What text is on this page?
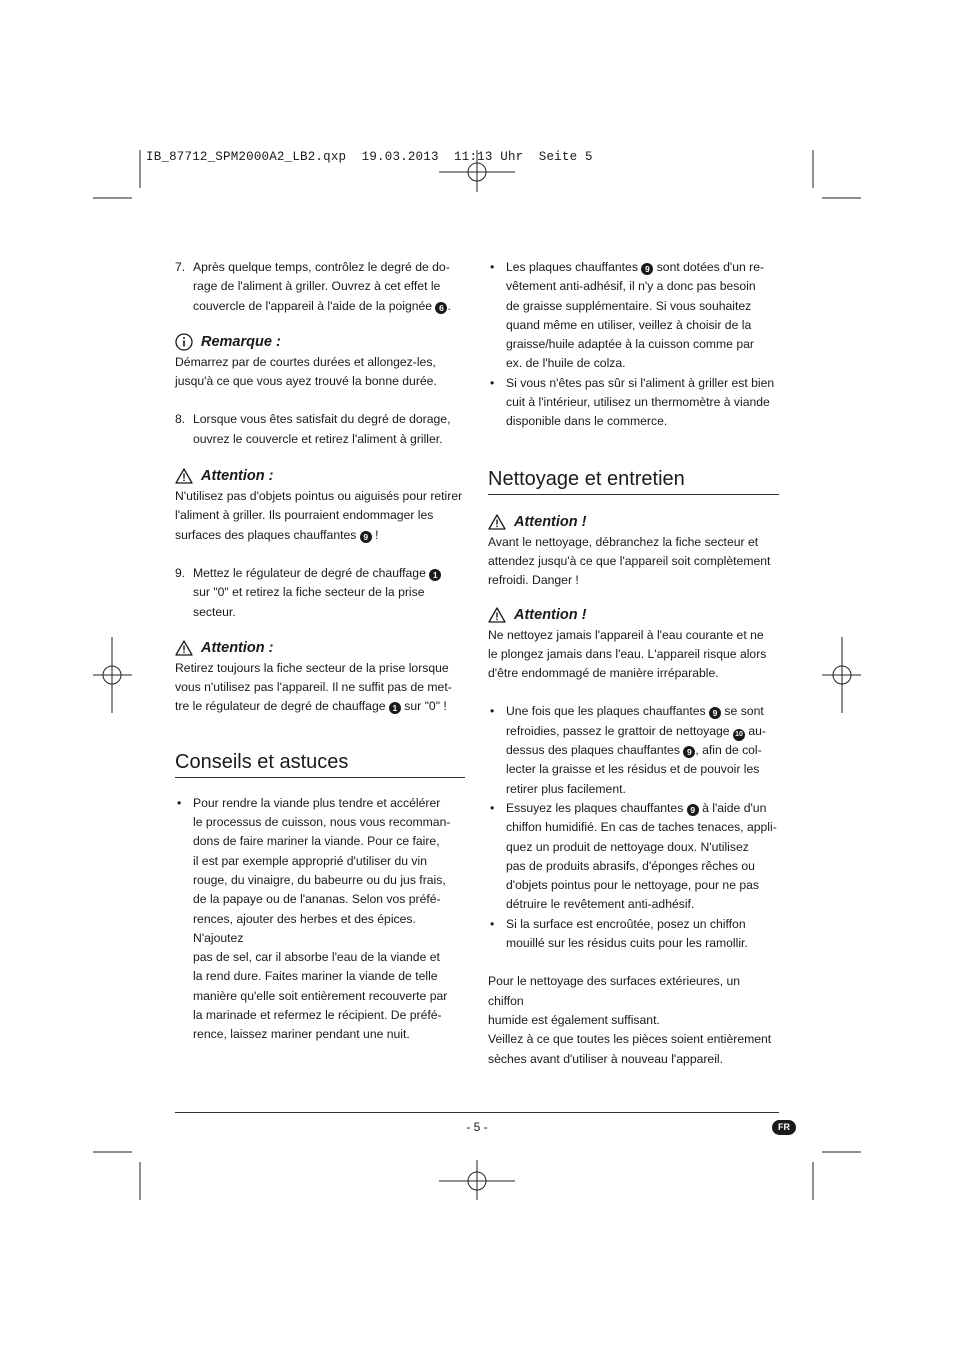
IB_87712_SPM2000A2_LB2.qxp  19.03.2013  11:13 Uhr  Seite 5
7. Après quelque temps, contrôlez le degré de do-

rage de l'aliment à griller. Ouvrez à cet effet le

couvercle de l'appareil à l'aide de la poignée 6 .

Remarque :

Démarrez par de courtes durées et allongez-les,

jusqu'à ce que vous ayez trouvé la bonne durée.

8. Lorsque vous êtes satisfait du degré de dorage,

ouvrez le couvercle et retirez l'aliment à griller.

Attention :

N'utilisez pas d'objets pointus ou aiguisés pour retirer

l'aliment à griller. Ils pourraient endommager les

surfaces des plaques chauffantes 9 !

9. Mettez le régulateur de degré de chauffage 1

sur "0" et retirez la fiche secteur de la prise

secteur.

Attention :

Retirez toujours la fiche secteur de la prise lorsque

vous n'utilisez pas l'appareil. Il ne suffit pas de met-

tre le régulateur de degré de chauffage 1 sur "0" !

Conseils et astuces

• Pour rendre la viande plus tendre et accélérer

le processus de cuisson, nous vous recomman-

dons de faire mariner la viande. Pour ce faire,

il est par exemple approprié d'utiliser du vin

rouge, du vinaigre, du babeurre ou du jus frais,

de la papaye ou de l'ananas. Selon vos préfé-

rences, ajouter des herbes et des épices. N'ajoutez

pas de sel, car il absorbe l'eau de la viande et

la rend dure. Faites mariner la viande de telle

manière qu'elle soit entièrement recouverte par

la marinade et refermez le récipient. De préfé-

rence, laissez mariner pendant une nuit.

• Les plaques chauffantes 9 sont dotées d'un re-

vêtement anti-adhésif, il n'y a donc pas besoin

de graisse supplémentaire. Si vous souhaitez

quand même en utiliser, veillez à choisir de la

graisse/huile adaptée à la cuisson comme par

ex. de l'huile de colza.

• Si vous n'êtes pas sûr si l'aliment à griller est bien

cuit à l'intérieur, utilisez un thermomètre à viande

disponible dans le commerce.

Nettoyage et entretien
Attention !

Avant le nettoyage, débranchez la fiche secteur et

attendez jusqu'à ce que l'appareil soit complètement

refroidi. Danger !

Attention !

Ne nettoyez jamais l'appareil à l'eau courante et ne

le plongez jamais dans l'eau. L'appareil risque alors

d'être endommagé de manière irréparable.

• Une fois que les plaques chauffantes 9 se sont

refroidies, passez le grattoir de nettoyage 10 au-

dessus des plaques chauffantes 9 , afin de col-

lecter la graisse et les résidus et de pouvoir les

retirer plus facilement.

• Essuyez les plaques chauffantes 9 à l'aide d'un

chiffon humidifié. En cas de taches tenaces, appli-

quez un produit de nettoyage doux. N'utilisez

pas de produits abrasifs, d'éponges rêches ou

d'objets pointus pour le nettoyage, pour ne pas

détruire le revêtement anti-adhésif.

• Si la surface est encroûtée, posez un chiffon

mouillé sur les résidus cuits pour les ramollir.

Pour le nettoyage des surfaces extérieures, un chiffon

humide est également suffisant.

Veillez à ce que toutes les pièces soient entièrement

sèches avant d'utiliser à nouveau l'appareil.

- 5 -	FR
